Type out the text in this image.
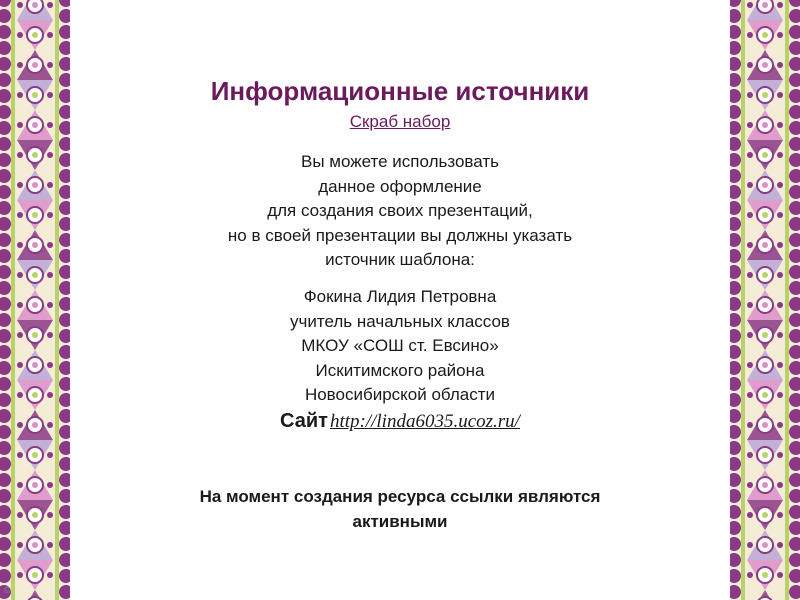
Информационные источники
Скраб набор
Вы можете использовать
данное оформление
для создания своих презентаций,
но в своей презентации вы должны указать
источник шаблона:
Фокина Лидия Петровна
учитель начальных классов
МКОУ «СОШ ст. Евсино»
Искитимского района
Новосибирской области
Сайт http://linda6035.ucoz.ru/
На момент создания ресурса ссылки являются
активными
©
